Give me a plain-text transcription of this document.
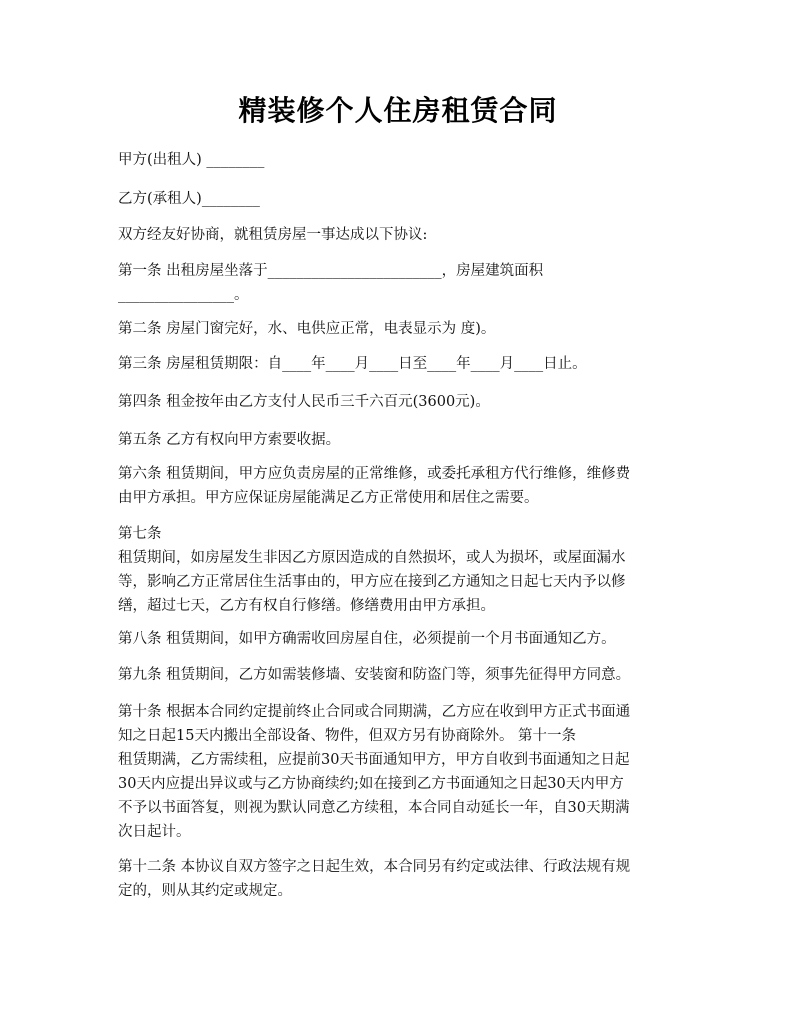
精装修个人住房租赁合同
甲方(出租人) ________
乙方(承租人)________
双方经友好协商，就租赁房屋一事达成以下协议:
第一条 出租房屋坐落于________________________，房屋建筑面积
________________。
第二条 房屋门窗完好，水、电供应正常，电表显示为 度)。
第三条 房屋租赁期限：自____年____月____日至____年____月____日止。
第四条 租金按年由乙方支付人民币三千六百元(3600元)。
第五条 乙方有权向甲方索要收据。
第六条 租赁期间，甲方应负责房屋的正常维修，或委托承租方代行维修，维修费
由甲方承担。甲方应保证房屋能满足乙方正常使用和居住之需要。
第七条
租赁期间，如房屋发生非因乙方原因造成的自然损坏，或人为损坏，或屋面漏水
等，影响乙方正常居住生活事由的，甲方应在接到乙方通知之日起七天内予以修
缮，超过七天，乙方有权自行修缮。修缮费用由甲方承担。
第八条 租赁期间，如甲方确需收回房屋自住，必须提前一个月书面通知乙方。
第九条 租赁期间，乙方如需装修墙、安装窗和防盗门等，须事先征得甲方同意。
第十条 根据本合同约定提前终止合同或合同期满，乙方应在收到甲方正式书面通
知之日起15天内搬出全部设备、物件，但双方另有协商除外。 第十一条
租赁期满，乙方需续租，应提前30天书面通知甲方，甲方自收到书面通知之日起
30天内应提出异议或与乙方协商续约;如在接到乙方书面通知之日起30天内甲方
不予以书面答复，则视为默认同意乙方续租，本合同自动延长一年，自30天期满
次日起计。
第十二条 本协议自双方签字之日起生效，本合同另有约定或法律、行政法规有规
定的，则从其约定或规定。
